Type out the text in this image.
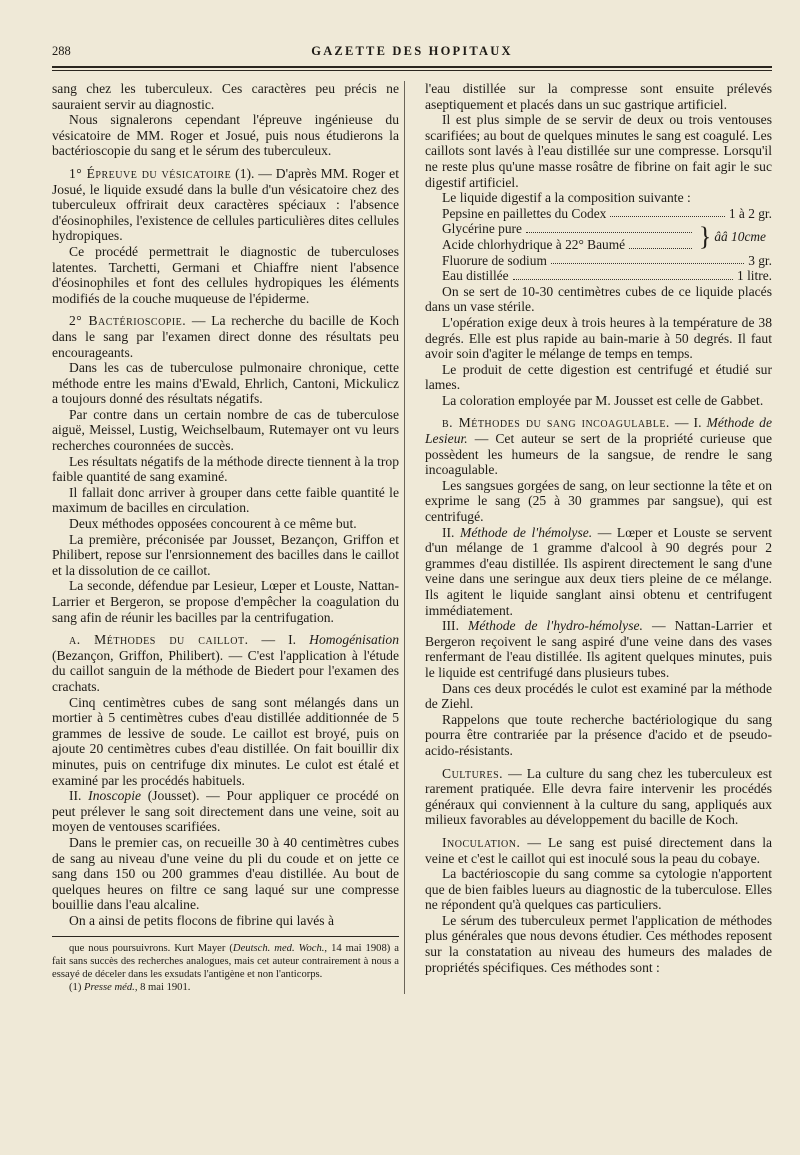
288	GAZETTE DES HOPITAUX

sang chez les tuberculeux. Ces caractères peu précis ne sauraient servir au diagnostic.

Nous signalerons cependant l'épreuve ingénieuse du vésicatoire de MM. Roger et Josué, puis nous étudierons la bactérioscopie du sang et le sérum des tuberculeux.

1° Épreuve du vésicatoire (1). — D'après MM. Roger et Josué, le liquide exsudé dans la bulle d'un vésicatoire chez des tuberculeux offrirait deux caractères spéciaux : l'absence d'éosinophiles, l'existence de cellules particulières dites cellules hydropiques.

Ce procédé permettrait le diagnostic de tuberculoses latentes. Tarchetti, Germani et Chiaffre nient l'absence d'éosinophiles et font des cellules hydropiques les éléments modifiés de la couche muqueuse de l'épiderme.

2° Bactérioscopie. — La recherche du bacille de Koch dans le sang par l'examen direct donne des résultats peu encourageants.

Dans les cas de tuberculose pulmonaire chronique, cette méthode entre les mains d'Ewald, Ehrlich, Cantoni, Mickulicz a toujours donné des résultats négatifs.

Par contre dans un certain nombre de cas de tuberculose aiguë, Meissel, Lustig, Weichselbaum, Rutemayer ont vu leurs recherches couronnées de succès.

Les résultats négatifs de la méthode directe tiennent à la trop faible quantité de sang examiné.

Il fallait donc arriver à grouper dans cette faible quantité le maximum de bacilles en circulation.

Deux méthodes opposées concourent à ce même but.

La première, préconisée par Jousset, Bezançon, Griffon et Philibert, repose sur l'enrsionnement des bacilles dans le caillot et la dissolution de ce caillot.

La seconde, défendue par Lesieur, Lœper et Louste, Nattan-Larrier et Bergeron, se propose d'empêcher la coagulation du sang afin de réunir les bacilles par la centrifugation.

α. Méthodes du caillot. — I. Homogénisation (Bezançon, Griffon, Philibert). — C'est l'application à l'étude du caillot sanguin de la méthode de Biedert pour l'examen des crachats.

Cinq centimètres cubes de sang sont mélangés dans un mortier à 5 centimètres cubes d'eau distillée additionnée de 5 grammes de lessive de soude. Le caillot est broyé, puis on ajoute 20 centimètres cubes d'eau distillée. On fait bouillir dix minutes, puis on centrifuge dix minutes. Le culot est étalé et examiné par les procédés habituels.

II. Inoscopie (Jousset). — Pour appliquer ce procédé on peut prélever le sang soit directement dans une veine, soit au moyen de ventouses scarifiées.

Dans le premier cas, on recueille 30 à 40 centimètres cubes de sang au niveau d'une veine du pli du coude et on jette ce sang dans 150 ou 200 grammes d'eau distillée. Au bout de quelques heures on filtre ce sang laqué sur une compresse bouillie dans l'eau alcaline.

On a ainsi de petits flocons de fibrine qui lavés à

que nous poursuivrons. Kurt Mayer (Deutsch. med. Woch., 14 mai 1908) a fait sans succès des recherches analogues, mais cet auteur contrairement à nous a essayé de déceler dans les exsudats l'antigène et non l'anticorps.

(1) Presse méd., 8 mai 1901.

l'eau distillée sur la compresse sont ensuite prélevés aseptiquement et placés dans un suc gastrique artificiel.

Il est plus simple de se servir de deux ou trois ventouses scarifiées; au bout de quelques minutes le sang est coagulé. Les caillots sont lavés à l'eau distillée sur une compresse. Lorsqu'il ne reste plus qu'une masse rosâtre de fibrine on fait agir le suc digestif artificiel.

Le liquide digestif a la composition suivante :

Pepsine en paillettes du Codex	1 à 2 gr.
Glycérine pure
Acide chlorhydrique à 22° Baumé	} ââ 10cme
Fluorure de sodium	3 gr.
Eau distillée	1 litre.

On se sert de 10-30 centimètres cubes de ce liquide placés dans un vase stérile.

L'opération exige deux à trois heures à la température de 38 degrés. Elle est plus rapide au bain-marie à 50 degrés. Il faut avoir soin d'agiter le mélange de temps en temps.

Le produit de cette digestion est centrifugé et étudié sur lames.

La coloration employée par M. Jousset est celle de Gabbet.

β. Méthodes du sang incoagulable. — I. Méthode de Lesieur. — Cet auteur se sert de la propriété curieuse que possèdent les humeurs de la sangsue, de rendre le sang incoagulable.

Les sangsues gorgées de sang, on leur sectionne la tête et on exprime le sang (25 à 30 grammes par sangsue), qui est centrifugé.

II. Méthode de l'hémolyse. — Lœper et Louste se servent d'un mélange de 1 gramme d'alcool à 90 degrés pour 2 grammes d'eau distillée. Ils aspirent directement le sang d'une veine dans une seringue aux deux tiers pleine de ce mélange. Ils agitent le liquide sanglant ainsi obtenu et centrifugent immédiatement.

III. Méthode de l'hydro-hémolyse. — Nattan-Larrier et Bergeron reçoivent le sang aspiré d'une veine dans des vases renfermant de l'eau distillée. Ils agitent quelques minutes, puis le liquide est centrifugé dans plusieurs tubes.

Dans ces deux procédés le culot est examiné par la méthode de Ziehl.

Rappelons que toute recherche bactériologique du sang pourra être contrariée par la présence d'acido et de pseudo-acido-résistants.

Cultures. — La culture du sang chez les tuberculeux est rarement pratiquée. Elle devra faire intervenir les procédés généraux qui conviennent à la culture du sang, appliqués aux milieux favorables au développement du bacille de Koch.

Inoculation. — Le sang est puisé directement dans la veine et c'est le caillot qui est inoculé sous la peau du cobaye.

La bactérioscopie du sang comme sa cytologie n'apportent que de bien faibles lueurs au diagnostic de la tuberculose. Elles ne répondent qu'à quelques cas particuliers.

Le sérum des tuberculeux permet l'application de méthodes plus générales que nous devons étudier. Ces méthodes reposent sur la constatation au niveau des humeurs des malades de propriétés spécifiques. Ces méthodes sont :
